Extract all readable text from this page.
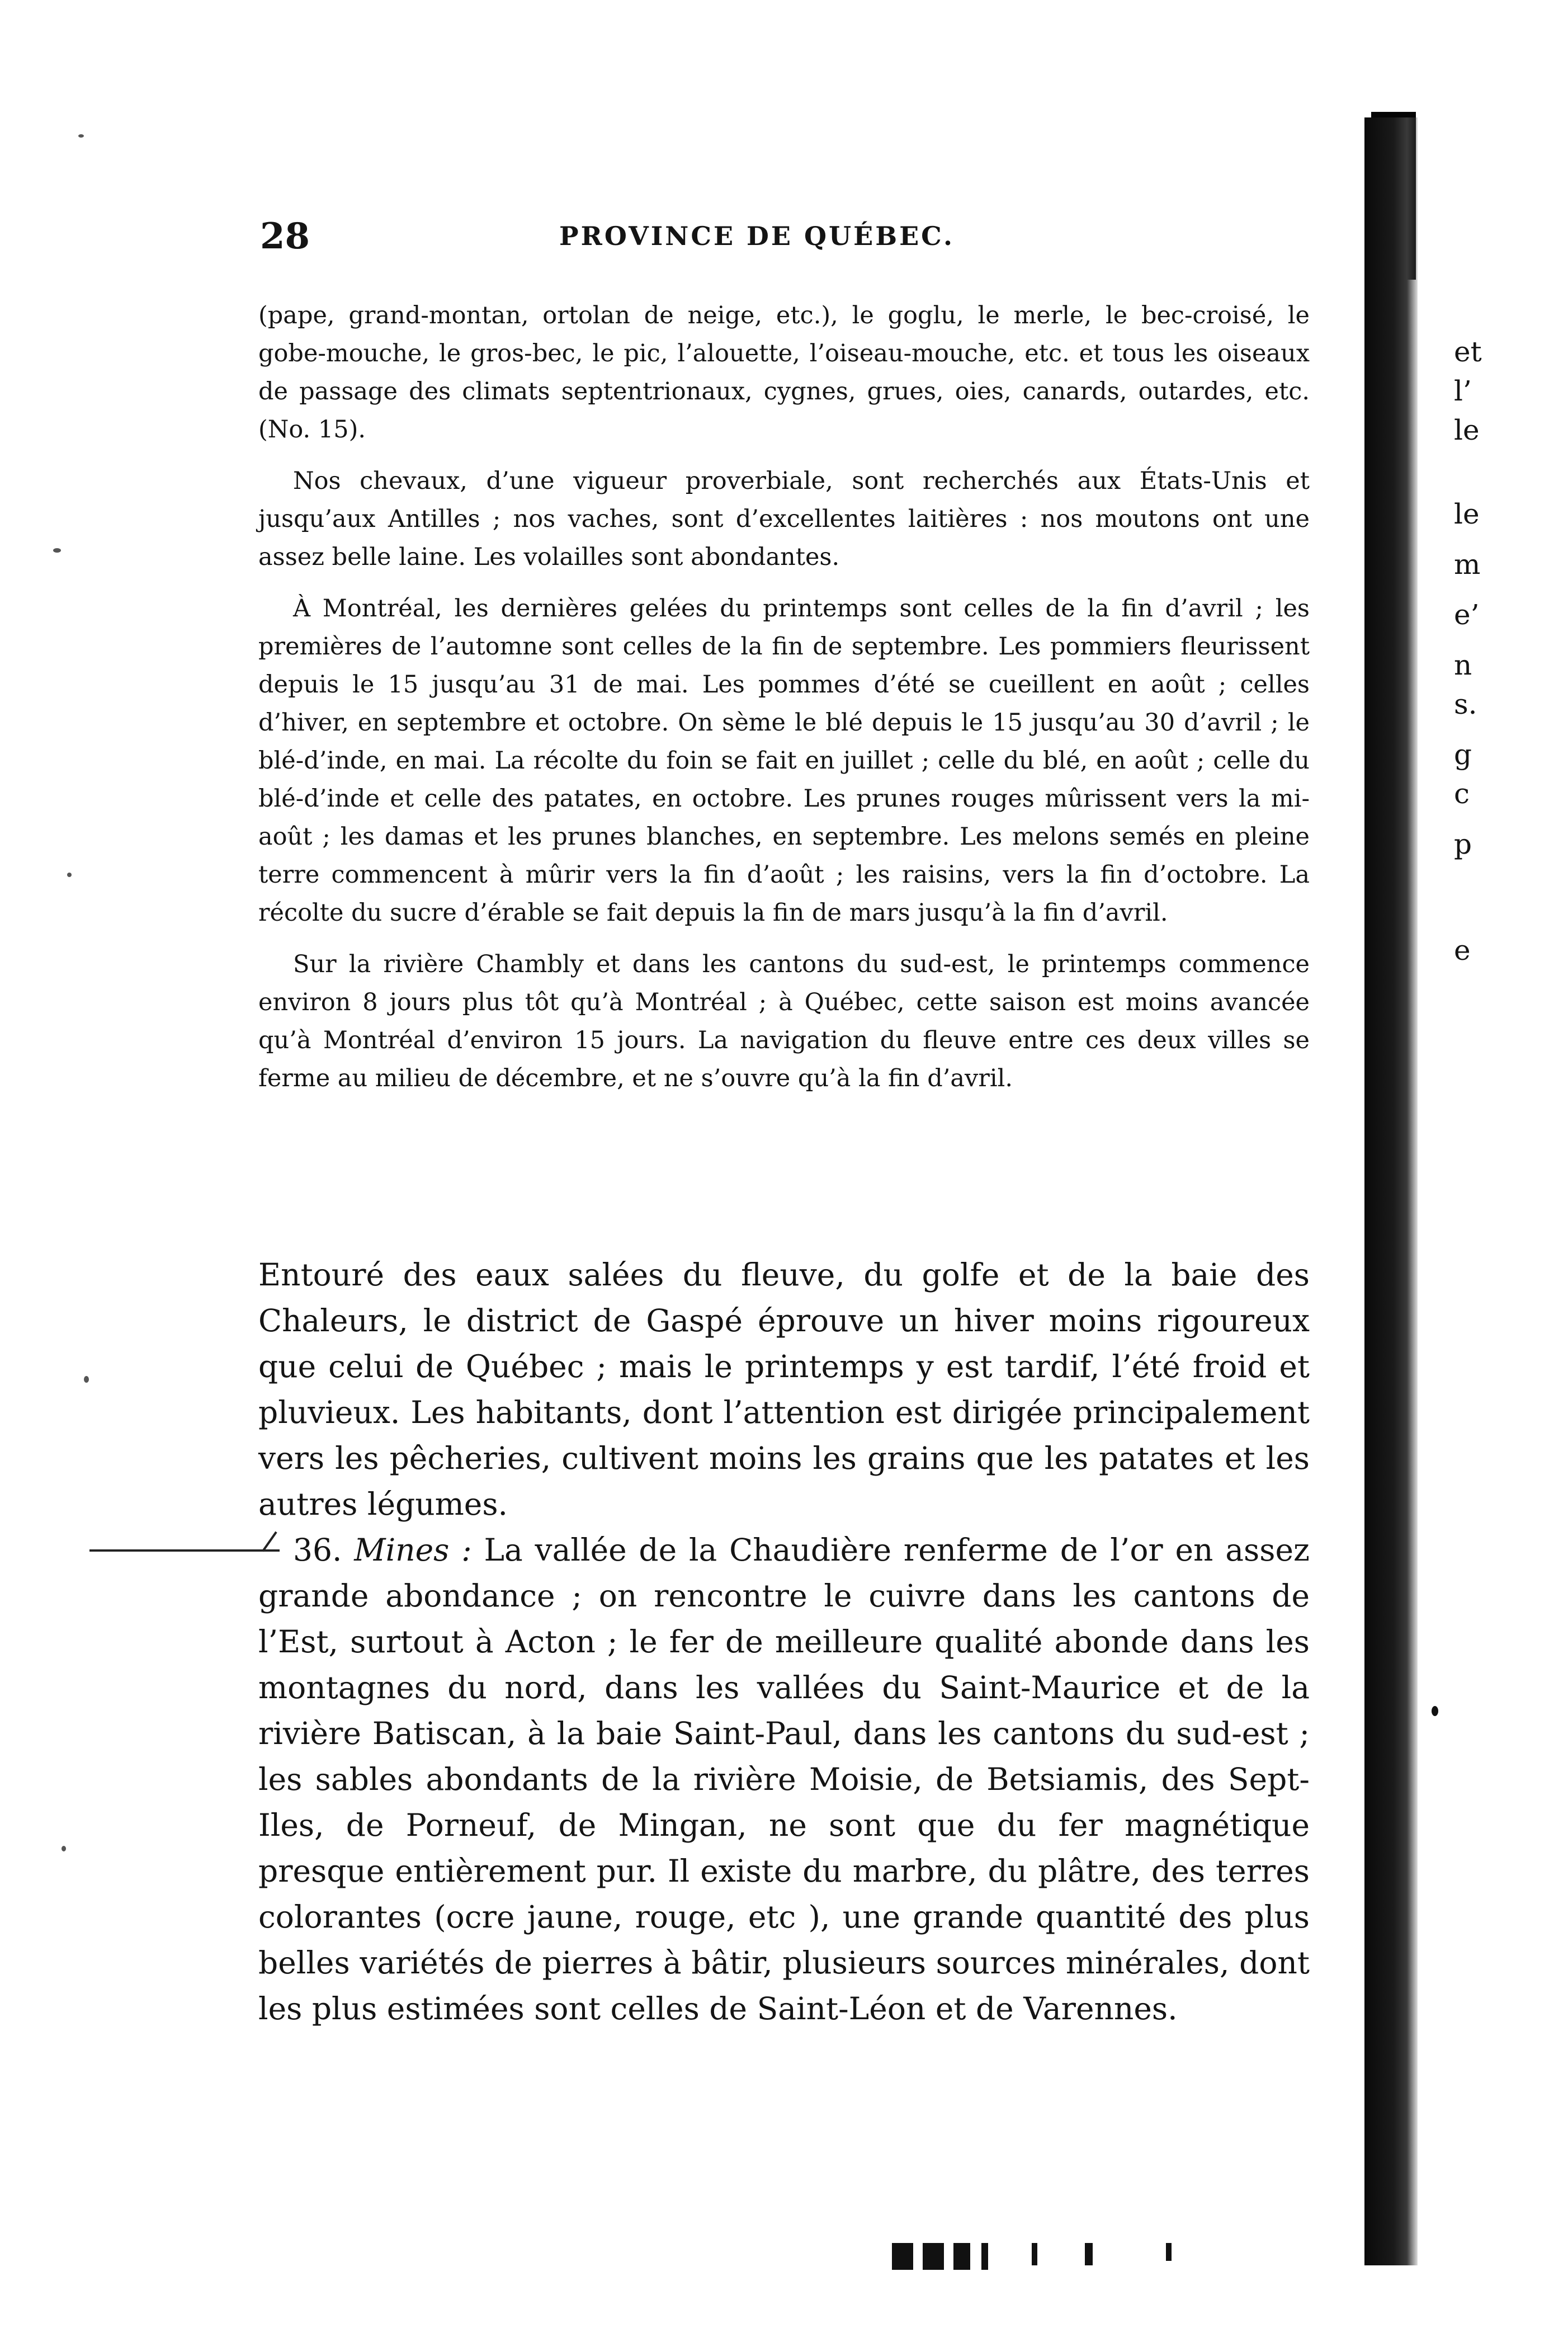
28	PROVINCE DE QUÉBEC.

(pape, grand-montan, ortolan de neige, etc.), le goglu, le merle, le bec-croisé, le gobe-mouche, le gros-bec, le pic, l’alouette, l’oiseau-mouche, etc. et tous les oiseaux de passage des climats septentrionaux, cygnes, grues, oies, canards, outardes, etc. (No. 15).

Nos chevaux, d’une vigueur proverbiale, sont recherchés aux États-Unis et jusqu’aux Antilles ; nos vaches, sont d’excellentes laitières : nos moutons ont une assez belle laine. Les volailles sont abondantes.

À Montréal, les dernières gelées du printemps sont celles de la fin d’avril ; les premières de l’automne sont celles de la fin de septembre. Les pommiers fleurissent depuis le 15 jusqu’au 31 de mai. Les pommes d’été se cueillent en août ; celles d’hiver, en septembre et octobre. On sème le blé depuis le 15 jusqu’au 30 d’avril ; le blé-d’inde, en mai. La récolte du foin se fait en juillet ; celle du blé, en août ; celle du blé-d’inde et celle des patates, en octobre. Les prunes rouges mûrissent vers la mi-août ; les damas et les prunes blanches, en septembre. Les melons semés en pleine terre commencent à mûrir vers la fin d’août ; les raisins, vers la fin d’octobre. La récolte du sucre d’érable se fait depuis la fin de mars jusqu’à la fin d’avril.

Sur la rivière Chambly et dans les cantons du sud-est, le printemps commence environ 8 jours plus tôt qu’à Montréal ; à Québec, cette saison est moins avancée qu’à Montréal d’environ 15 jours. La navigation du fleuve entre ces deux villes se ferme au milieu de décembre, et ne s’ouvre qu’à la fin d’avril.

Entouré des eaux salées du fleuve, du golfe et de la baie des Chaleurs, le district de Gaspé éprouve un hiver moins rigoureux que celui de Québec ; mais le printemps y est tardif, l’été froid et pluvieux. Les habitants, dont l’attention est dirigée principalement vers les pêcheries, cultivent moins les grains que les patates et les autres légumes.

36. Mines : La vallée de la Chaudière renferme de l’or en assez grande abondance ; on rencontre le cuivre dans les cantons de l’Est, surtout à Acton ; le fer de meilleure qualité abonde dans les montagnes du nord, dans les vallées du Saint-Maurice et de la rivière Batiscan, à la baie Saint-Paul, dans les cantons du sud-est ; les sables abondants de la rivière Moisie, de Betsiamis, des Sept-Iles, de Porneuf, de Mingan, ne sont que du fer magnétique presque entièrement pur. Il existe du marbre, du plâtre, des terres colorantes (ocre jaune, rouge, etc ), une grande quantité des plus belles variétés de pierres à bâtir, plusieurs sources minérales, dont les plus estimées sont celles de Saint-Léon et de Varennes.

et
l’
le
le
m
e’
n
s.
g
c
p
e
